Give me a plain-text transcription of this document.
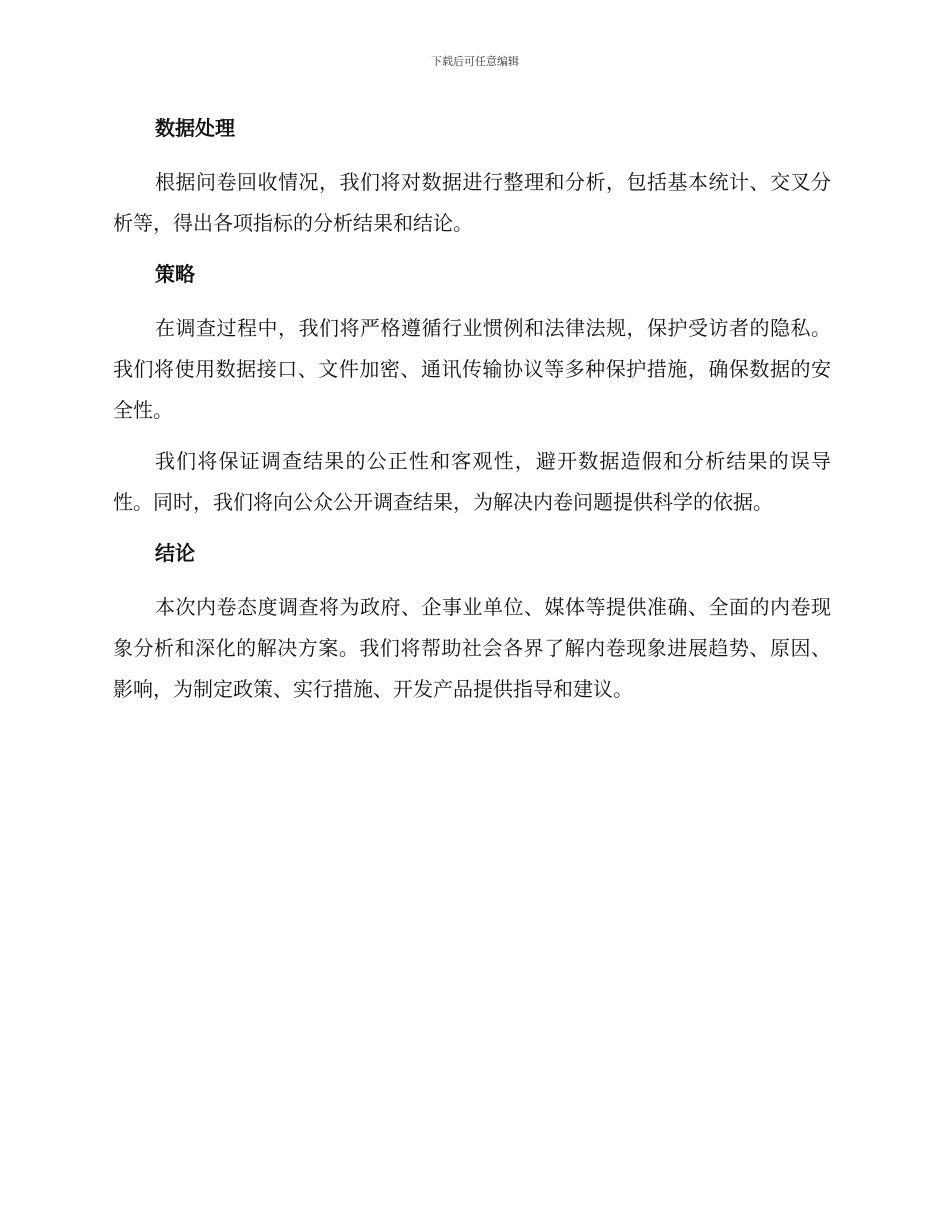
下载后可任意编辑
数据处理

根据问卷回收情况，我们将对数据进行整理和分析，包括基本统计、交叉分析等，得出各项指标的分析结果和结论。

策略

在调查过程中，我们将严格遵循行业惯例和法律法规，保护受访者的隐私。我们将使用数据接口、文件加密、通讯传输协议等多种保护措施，确保数据的安全性。

我们将保证调查结果的公正性和客观性，避开数据造假和分析结果的误导性。同时，我们将向公众公开调查结果，为解决内卷问题提供科学的依据。

结论

本次内卷态度调查将为政府、企事业单位、媒体等提供准确、全面的内卷现象分析和深化的解决方案。我们将帮助社会各界了解内卷现象进展趋势、原因、影响，为制定政策、实行措施、开发产品提供指导和建议。
